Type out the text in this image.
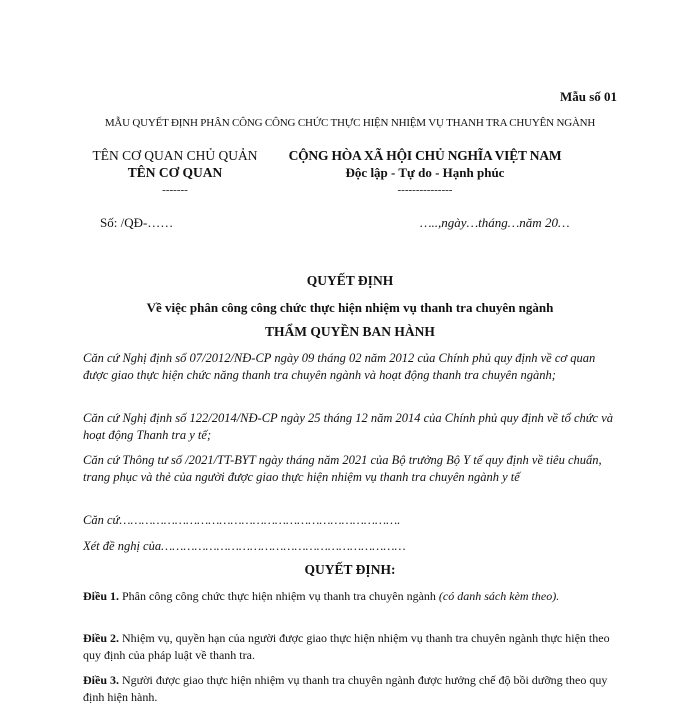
Mẫu số 01
MẪU QUYẾT ĐỊNH PHÂN CÔNG CÔNG CHỨC THỰC HIỆN NHIỆM VỤ THANH TRA CHUYÊN NGÀNH
TÊN CƠ QUAN CHỦ QUẢN
TÊN CƠ QUAN
-------
CỘNG HÒA XÃ HỘI CHỦ NGHĨA VIỆT NAM
Độc lập - Tự do - Hạnh phúc
---------------
Số: /QĐ-……	…..,ngày…tháng…năm 20…
QUYẾT ĐỊNH
Về việc phân công công chức thực hiện nhiệm vụ thanh tra chuyên ngành
THẨM QUYỀN BAN HÀNH
Căn cứ Nghị định số 07/2012/NĐ-CP ngày 09 tháng 02 năm 2012 của Chính phủ quy định về cơ quan được giao thực hiện chức năng thanh tra chuyên ngành và hoạt động thanh tra chuyên ngành;
Căn cứ Nghị định số 122/2014/NĐ-CP ngày 25 tháng 12 năm 2014 của Chính phủ quy định về tổ chức và hoạt động Thanh tra y tế;
Căn cứ Thông tư số /2021/TT-BYT ngày tháng năm 2021 của Bộ trưởng Bộ Y tế quy định về tiêu chuẩn, trang phục và thẻ của người được giao thực hiện nhiệm vụ thanh tra chuyên ngành y tế
Căn cứ………………………………………………………………….
Xét đề nghị của…………………………………………………………
QUYẾT ĐỊNH:
Điều 1. Phân công công chức thực hiện nhiệm vụ thanh tra chuyên ngành (có danh sách kèm theo).
Điều 2. Nhiệm vụ, quyền hạn của người được giao thực hiện nhiệm vụ thanh tra chuyên ngành thực hiện theo quy định của pháp luật về thanh tra.
Điều 3. Người được giao thực hiện nhiệm vụ thanh tra chuyên ngành được hưởng chế độ bồi dưỡng theo quy định hiện hành.
